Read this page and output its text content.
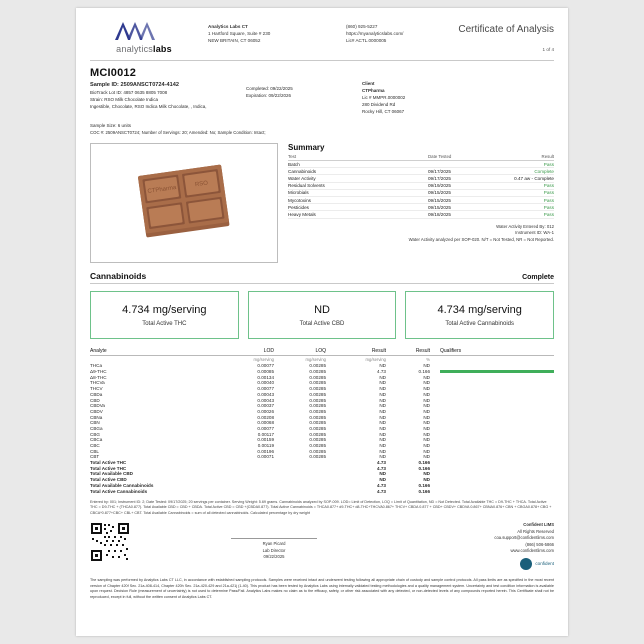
analyticslabs
Analytics Labs CT
1 Hartford Square, Suite # 230
NEW BRITAIN, CT 06052
(860) 925-5227
https://myanalyticslabs.com/
Lic# ACTL.0000005
Certificate of Analysis
1 of 4
MCI0012
Sample ID: 2509ANSCT0724-4142
BioTrack Lot ID: 4857 0635 8805 7008
Strain: RSO Milk Chocolate Indica
Ingestible, Chocolate, RSO Indica Milk Chocolate, , Indica,
Completed: 09/22/2025
Expiration: 09/22/2026
Client
CTPharma
Lic # MMPR.0000002
280 Dividend Rd
Rocky Hill, CT 06067
Sample Size: 6 units
COC #: 2509ANSCT0724; Number of Servings: 20; Amended: No; Sample Condition: Intact;
CTPharma
RSO
Summary
Test	Date Tested	Result
Batch	Pass
Cannabinoids	09/17/2025	Complete
Water Activity	09/17/2025	0.47 aw - Complete
Residual Solvents	09/19/2025	Pass
Microbials	09/15/2025	Pass
Mycotoxins	09/15/2025	Pass
Pesticides	09/15/2025	Pass
Heavy Metals	09/18/2025	Pass
Water Activity Entered By: 012
Instrument ID: WA-1
Water Activity analyzed per SOP-020. N/T = Not Tested, NR = Not Reported.
Cannabinoids	Complete
4.734 mg/serving
Total Active THC
ND
Total Active CBD
4.734 mg/serving
Total Active Cannabinoids
Analyte	LOD	LOQ	Result	Result	Qualifiers
mg/serving	mg/serving	mg/serving	%
THCa	0.00077	0.00285	ND	ND
Δ9-THC	0.00085	0.00285	4.73	0.166
Δ8-THC	0.00134	0.00285	ND	ND
THCVa	0.00040	0.00285	ND	ND
THCV	0.00077	0.00285	ND	ND
CBDa	0.00043	0.00285	ND	ND
CBD	0.00043	0.00285	ND	ND
CBDVa	0.00037	0.00285	ND	ND
CBDV	0.00026	0.00285	ND	ND
CBNa	0.00208	0.00285	ND	ND
CBN	0.00068	0.00285	ND	ND
CBGa	0.00077	0.00285	ND	ND
CBG	0.00117	0.00285	ND	ND
CBCa	0.00159	0.00285	ND	ND
CBC	0.00119	0.00285	ND	ND
CBL	0.00196	0.00285	ND	ND
CBT	0.00071	0.00285	ND	ND
Total Active THC	4.73	0.166
Total Active THC	4.73	0.166
Total Available CBD	ND	ND
Total Active CBD	ND	ND
Total Available Cannabinoids	4.73	0.166
Total Active Cannabinoids	4.73	0.166
Entered by: 001; Instrument ID: 2; Date Tested: 09/17/2025; 20 servings per container. Serving Weight: 5.69 grams. Cannabinoids analyzed by SOP-009. LOD= Limit of Detection, LOQ = Limit of Quantitation, ND = Not Detected. Total Available THC = D9-THC + THCA. Total Active THC = D9-THC + (THCA0.877). Total Available CBD = CBD + CBDA. Total Active CBD = CBD +(CBDA0.877). Total Active Cannabinoids = THCA0.877+ d9-THC+ d8-THC+THCVA0.867+ THCV+ CBDA 0.877 + CBD+ CBDV+ CBDVA 0.867+ CBNA0.876+ CBN + CBGA0.878+ CBG + CBCA*0.877+CBC+ CBL+ CBT. Total Available Cannabinoids = sum of all detected cannabinoids. Calculated percentage by dry weight
Ryan Picard
Lab Director
09/22/2025
Confident LIMS
All Rights Reserved
coa.support@confidentlims.com
(866) 506-5866
www.confidentlims.com
confident
The sampling was performed by Analytics Labs CT LLC, in accordance with established sampling protocols. Samples were received intact and underwent testing following all appropriate chain of custody and sample control protocols. All pass limits are as specified in the most recent version of Chapter 420f Sec. 21a-408-414, Chapter 420h Sec. 21a-420-429 and 21a-421j (1-40). This product has been tested by Analytics Labs using internally validated testing methodologies and a quality management system. Uncertainty and test condition information is available upon request. Decision Rule (measurement of uncertainty) is not used to determine Pass/Fail. Analytics Labs makes no claim as to the efficacy, safety, or other risk associated with any detected, or non-detected levels of any compounds reported herein. This Certificate shall not be reproduced, except in full, without the written consent of Analytics Labs CT.
